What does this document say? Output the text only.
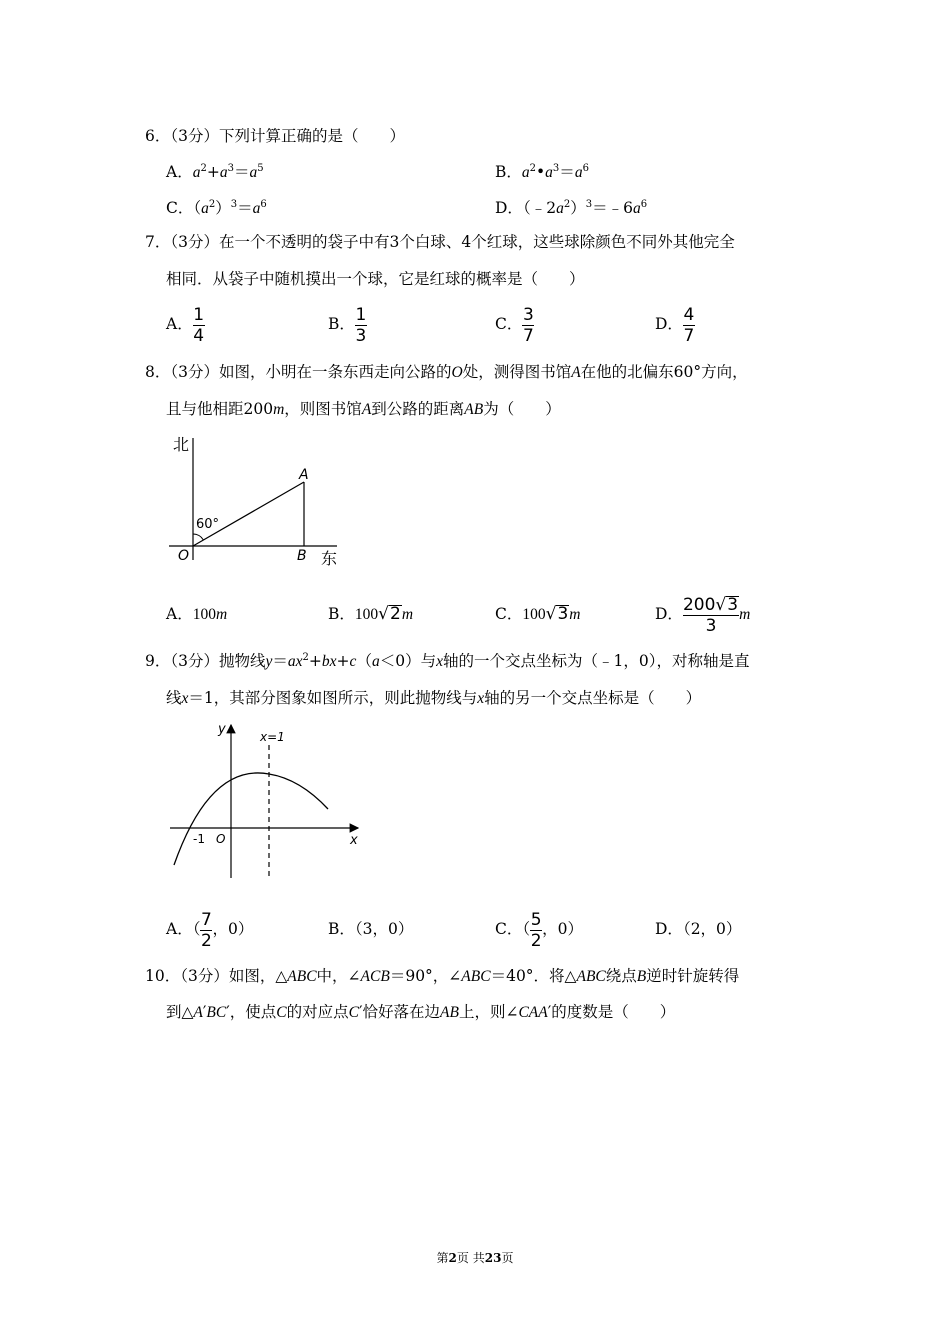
6．（3分）下列计算正确的是（　　）
A．$a^2+a^3=a^5$	B．$a^2•a^3=a^6$
C．$(a^2)^3=a^6$	D．$(﹣2a^2)^3=﹣6a^6$
7．（3分）在一个不透明的袋子中有3个白球、4个红球，这些球除颜色不同外其他完全
相同．从袋子中随机摸出一个球，它是红球的概率是（　　）
A． $\frac{1}{4}$	B． $\frac{1}{3}$	C． $\frac{3}{7}$	D． $\frac{4}{7}$
8．（3分）如图，小明在一条东西走向公路的O处，测得图书馆A在他的北偏东60°方向，
且与他相距200m，则图书馆A到公路的距离AB为（　　）
北
东
60°
O
A
B
A．100m	B．100√2m	C．100√3m	D． $\frac{200√3}{3}$ m
9．（3分）抛物线$y=ax^2+bx+c(a<0)$与x轴的一个交点坐标为（﹣1，0），对称轴是直
线x＝1，其部分图象如图所示，则此抛物线与x轴的另一个交点坐标是（　　）
y
x
x=1
-1 O
A．（ $\frac{7}{2}$ ，0）	B．（3，0）	C．（ $\frac{5}{2}$ ，0）	D．（2，0）
10．（3分）如图，△ABC中，∠ACB＝90°，∠ABC＝40°．将△ABC绕点B逆时针旋转得
到△A′BC′，使点C的对应点C′恰好落在边AB上，则∠CAA′的度数是（　　）
第2页 共23页
